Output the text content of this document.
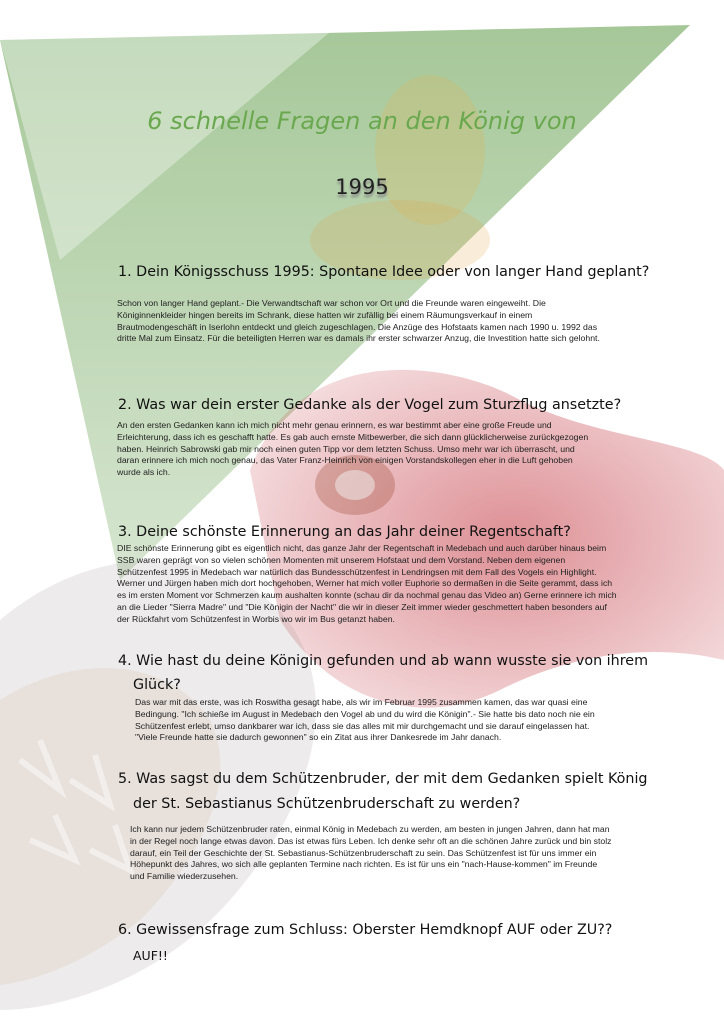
6 schnelle Fragen an den König von
1995
1. Dein Königsschuss 1995: Spontane Idee oder von langer Hand geplant?
Schon von langer Hand geplant.- Die Verwandtschaft war schon vor Ort und die Freunde waren eingeweiht. Die Königinnenkleider hingen bereits im Schrank, diese hatten wir zufällig bei einem Räumungsverkauf in einem Brautmodengeschäft in Iserlohn entdeckt und gleich zugeschlagen. Die Anzüge des Hofstaats kamen nach 1990 u. 1992 das dritte Mal zum Einsatz. Für die beteiligten Herren war es damals ihr erster schwarzer Anzug, die Investition hatte sich gelohnt.
2. Was war dein erster Gedanke als der Vogel zum Sturzflug ansetzte?
An den ersten Gedanken kann ich mich nicht mehr genau erinnern, es war bestimmt aber eine große Freude und Erleichterung, dass ich es geschafft hatte. Es gab auch ernste Mitbewerber, die sich dann glücklicherweise zurückgezogen haben. Heinrich Sabrowski gab mir noch einen guten Tipp vor dem letzten Schuss. Umso mehr war ich überrascht, und daran erinnere ich mich noch genau, das Vater Franz-Heinrich von einigen Vorstandskollegen eher in die Luft gehoben wurde als ich.
3. Deine schönste Erinnerung an das Jahr deiner Regentschaft?
DIE schönste Erinnerung gibt es eigentlich nicht, das ganze Jahr der Regentschaft in Medebach und auch darüber hinaus beim SSB waren geprägt von so vielen schönen Momenten mit unserem Hofstaat und dem Vorstand. Neben dem eigenen Schützenfest 1995 in Medebach war natürlich das Bundesschützenfest in Lendringsen mit dem Fall des Vogels ein Highlight. Werner und Jürgen haben mich dort hochgehoben, Werner hat mich voller Euphorie so dermaßen in die Seite gerammt, dass ich es im ersten Moment vor Schmerzen kaum aushalten konnte (schau dir da nochmal genau das Video an) Gerne erinnere ich mich an die Lieder "Sierra Madre" und "Die Königin der Nacht" die wir in dieser Zeit immer wieder geschmettert haben besonders auf der Rückfahrt vom Schützenfest in Worbis wo wir im Bus getanzt haben.
4. Wie hast du deine Königin gefunden und ab wann wusste sie von ihrem
Glück?
Das war mit das erste, was ich Roswitha gesagt habe, als wir im Februar 1995 zusammen kamen, das war quasi eine Bedingung. "Ich schieße im August in Medebach den Vogel ab und du wird die Königin".- Sie hatte bis dato noch nie ein Schützenfest erlebt, umso dankbarer war ich, dass sie das alles mit mir durchgemacht und sie darauf eingelassen hat. "Viele Freunde hatte sie dadurch gewonnen" so ein Zitat aus ihrer Dankesrede im Jahr danach.
5. Was sagst du dem Schützenbruder, der mit dem Gedanken spielt König
der St. Sebastianus Schützenbruderschaft zu werden?
Ich kann nur jedem Schützenbruder raten, einmal König in Medebach zu werden, am besten in jungen Jahren, dann hat man in der Regel noch lange etwas davon. Das ist etwas fürs Leben. Ich denke sehr oft an die schönen Jahre zurück und bin stolz darauf, ein Teil der Geschichte der St. Sebastianus-Schützenbruderschaft zu sein. Das Schützenfest ist für uns immer ein Höhepunkt des Jahres, wo sich alle geplanten Termine nach richten. Es ist für uns ein "nach-Hause-kommen" im Freunde und Familie wiederzusehen.
6. Gewissensfrage zum Schluss: Oberster Hemdknopf AUF oder ZU??
AUF!!
